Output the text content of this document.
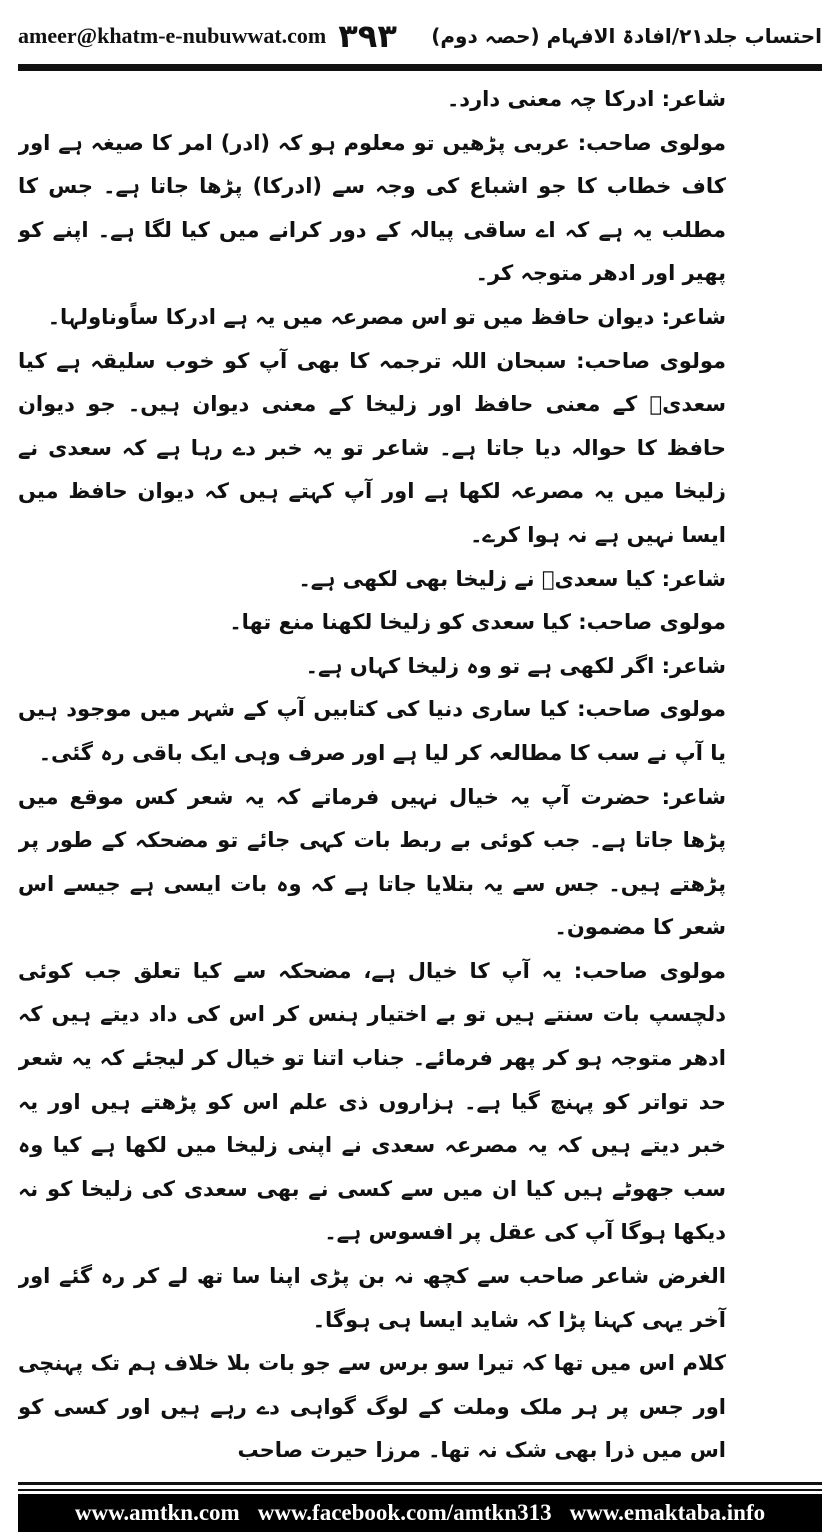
ameer@khatm-e-nubuwwat.com ۳۹۳ احتساب جلد۲۱/افادۃ الافہام (حصہ دوم)

شاعر: ادرکا چہ معنی دارد۔

مولوی صاحب: عربی پڑھیں تو معلوم ہو کہ (ادر) امر کا صیغہ ہے اور کاف خطاب کا جو اشباع کی وجہ سے (ادرکا) پڑھا جاتا ہے۔ جس کا مطلب یہ ہے کہ اے ساقی پیالہ کے دور کرانے میں کیا لگا ہے۔ اپنے کو پھیر اور ادھر متوجہ کر۔

شاعر: دیوان حافظ میں تو اس مصرعہ میں یہ ہے ادرکا ساًوناولہا۔

مولوی صاحب: سبحان اللہ ترجمہ کا بھی آپ کو خوب سلیقہ ہے کیا سعدیؒ کے معنی حافظ اور زلیخا کے معنی دیوان ہیں۔ جو دیوان حافظ کا حوالہ دیا جاتا ہے۔ شاعر تو یہ خبر دے رہا ہے کہ سعدی نے زلیخا میں یہ مصرعہ لکھا ہے اور آپ کہتے ہیں کہ دیوان حافظ میں ایسا نہیں ہے نہ ہوا کرے۔

شاعر: کیا سعدیؒ نے زلیخا بھی لکھی ہے۔

مولوی صاحب: کیا سعدی کو زلیخا لکھنا منع تھا۔

شاعر: اگر لکھی ہے تو وہ زلیخا کہاں ہے۔

مولوی صاحب: کیا ساری دنیا کی کتابیں آپ کے شہر میں موجود ہیں یا آپ نے سب کا مطالعہ کر لیا ہے اور صرف وہی ایک باقی رہ گئی۔

شاعر: حضرت آپ یہ خیال نہیں فرماتے کہ یہ شعر کس موقع میں پڑھا جاتا ہے۔ جب کوئی بے ربط بات کہی جائے تو مضحکہ کے طور پر پڑھتے ہیں۔ جس سے یہ بتلایا جاتا ہے کہ وہ بات ایسی ہے جیسے اس شعر کا مضمون۔

مولوی صاحب: یہ آپ کا خیال ہے، مضحکہ سے کیا تعلق جب کوئی دلچسپ بات سنتے ہیں تو بے اختیار ہنس کر اس کی داد دیتے ہیں کہ ادھر متوجہ ہو کر پھر فرمائے۔ جناب اتنا تو خیال کر لیجئے کہ یہ شعر حد تواتر کو پہنچ گیا ہے۔ ہزاروں ذی علم اس کو پڑھتے ہیں اور یہ خبر دیتے ہیں کہ یہ مصرعہ سعدی نے اپنی زلیخا میں لکھا ہے کیا وہ سب جھوٹے ہیں کیا ان میں سے کسی نے بھی سعدی کی زلیخا کو نہ دیکھا ہوگا آپ کی عقل پر افسوس ہے۔

الغرض شاعر صاحب سے کچھ نہ بن پڑی اپنا سا تھ لے کر رہ گئے اور آخر یہی کہنا پڑا کہ شاید ایسا ہی ہوگا۔

کلام اس میں تھا کہ تیرا سو برس سے جو بات بلا خلاف ہم تک پہنچی اور جس پر ہر ملک وملت کے لوگ گواہی دے رہے ہیں اور کسی کو اس میں ذرا بھی شک نہ تھا۔ مرزا حیرت صاحب

www.amtkn.com www.facebook.com/amtkn313 www.emaktaba.info
